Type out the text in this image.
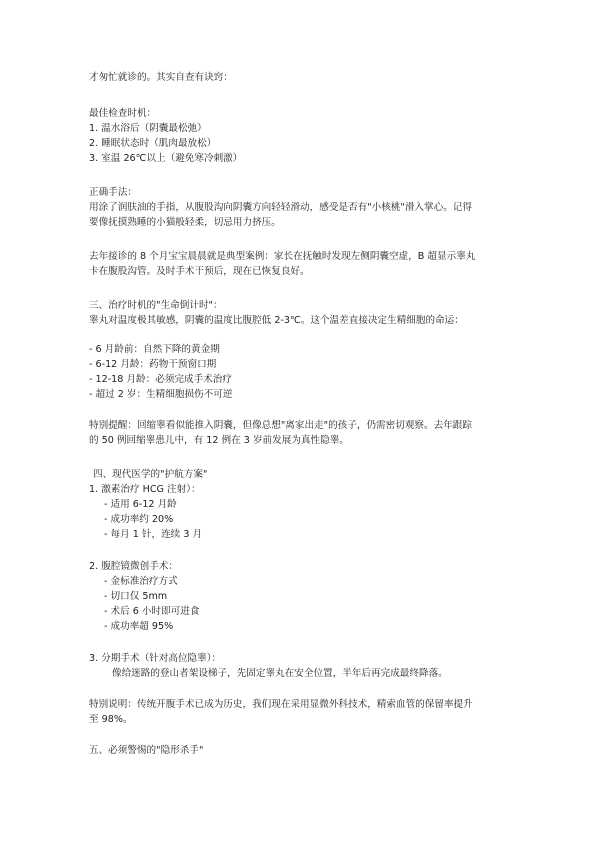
才匆忙就诊的。其实自查有诀窍：
最佳检查时机：
1. 温水浴后（阴囊最松弛）
2. 睡眠状态时（肌肉最放松）
3. 室温 26℃以上（避免寒冷刺激）
正确手法：
用涂了润肤油的手指，从腹股沟向阴囊方向轻轻滑动，感受是否有"小核桃"滑入掌心。记得
要像抚摸熟睡的小猫般轻柔，切忌用力挤压。
去年接诊的 8 个月宝宝晨晨就是典型案例：家长在抚触时发现左侧阴囊空虚，B 超显示睾丸
卡在腹股沟管。及时手术干预后，现在已恢复良好。
三、治疗时机的"生命倒计时"：
睾丸对温度极其敏感，阴囊的温度比腹腔低 2-3℃。这个温差直接决定生精细胞的命运：
- 6 月龄前：自然下降的黄金期
- 6-12 月龄：药物干预窗口期
- 12-18 月龄：必须完成手术治疗
- 超过 2 岁：生精细胞损伤不可逆
特别提醒：回缩睾看似能推入阴囊，但像总想"离家出走"的孩子，仍需密切观察。去年跟踪
的 50 例回缩睾患儿中，有 12 例在 3 岁前发展为真性隐睾。
四、现代医学的"护航方案"
1. 激素治疗 HCG 注射）：
- 适用 6-12 月龄
- 成功率约 20%
- 每月 1 针，连续 3 月
2. 腹腔镜微创手术：
- 金标准治疗方式
- 切口仅 5mm
- 术后 6 小时即可进食
- 成功率超 95%
3. 分期手术（针对高位隐睾）：
像给迷路的登山者架设梯子，先固定睾丸在安全位置，半年后再完成最终降落。
特别说明：传统开腹手术已成为历史，我们现在采用显微外科技术，精索血管的保留率提升
至 98%。
五、必须警惕的"隐形杀手"
